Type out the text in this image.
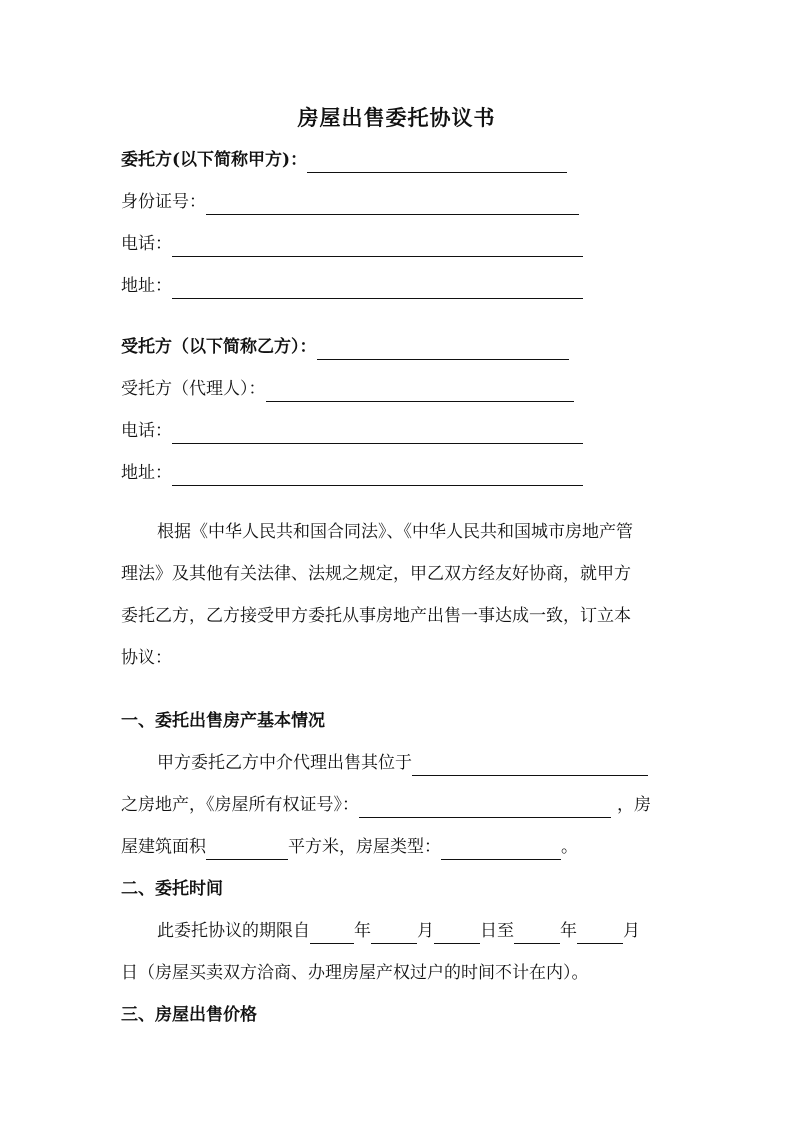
房屋出售委托协议书
委托方(以下简称甲方)：
身份证号：
电话：
地址：
受托方（以下简称乙方）：
受托方（代理人）：
电话：
地址：
根据《中华人民共和国合同法》、《中华人民共和国城市房地产管
理法》及其他有关法律、法规之规定，甲乙双方经友好协商，就甲方
委托乙方，乙方接受甲方委托从事房地产出售一事达成一致，订立本
协议：
一、委托出售房产基本情况
甲方委托乙方中介代理出售其位于
之房地产，《房屋所有权证号》：	，房
屋建筑面积	平方米，房屋类型：	。
二、委托时间
此委托协议的期限自	年	月	日至	年	月
日（房屋买卖双方洽商、办理房屋产权过户的时间不计在内）。
三、房屋出售价格
